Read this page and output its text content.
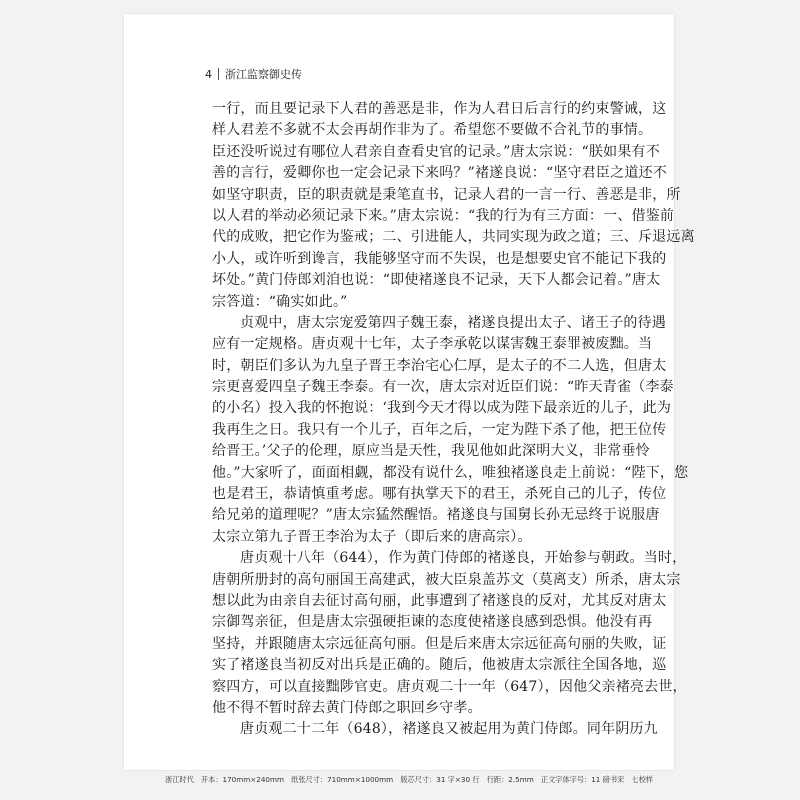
4 浙江监察御史传
一行，而且要记录下人君的善恶是非，作为人君日后言行的约束警诫，这
样人君差不多就不太会再胡作非为了。希望您不要做不合礼节的事情。
臣还没听说过有哪位人君亲自查看史官的记录。”唐太宗说：“朕如果有不
善的言行，爱卿你也一定会记录下来吗？”褚遂良说：“坚守君臣之道还不
如坚守职责，臣的职责就是秉笔直书，记录人君的一言一行、善恶是非，所
以人君的举动必须记录下来。”唐太宗说：“我的行为有三方面：一、借鉴前
代的成败，把它作为鉴戒；二、引进能人，共同实现为政之道；三、斥退远离
小人，或许听到谗言，我能够坚守而不失误，也是想要史官不能记下我的
坏处。”黄门侍郎刘洎也说：“即使褚遂良不记录，天下人都会记着。”唐太
宗答道：“确实如此。”
贞观中，唐太宗宠爱第四子魏王泰，褚遂良提出太子、诸王子的待遇
应有一定规格。唐贞观十七年，太子李承乾以谋害魏王泰罪被废黜。当
时，朝臣们多认为九皇子晋王李治宅心仁厚，是太子的不二人选，但唐太
宗更喜爱四皇子魏王李泰。有一次，唐太宗对近臣们说：“昨天青雀（李泰
的小名）投入我的怀抱说：‘我到今天才得以成为陛下最亲近的儿子，此为
我再生之日。我只有一个儿子，百年之后，一定为陛下杀了他，把王位传
给晋王。’父子的伦理，原应当是天性，我见他如此深明大义，非常垂怜
他。”大家听了，面面相觑，都没有说什么，唯独褚遂良走上前说：“陛下，您
也是君王，恭请慎重考虑。哪有执掌天下的君王，杀死自己的儿子，传位
给兄弟的道理呢？”唐太宗猛然醒悟。褚遂良与国舅长孙无忌终于说服唐
太宗立第九子晋王李治为太子（即后来的唐高宗）。
唐贞观十八年（644），作为黄门侍郎的褚遂良，开始参与朝政。当时，
唐朝所册封的高句丽国王高建武，被大臣泉盖苏文（莫离支）所杀，唐太宗
想以此为由亲自去征讨高句丽，此事遭到了褚遂良的反对，尤其反对唐太
宗御驾亲征，但是唐太宗强硬拒谏的态度使褚遂良感到恐惧。他没有再
坚持，并跟随唐太宗远征高句丽。但是后来唐太宗远征高句丽的失败，证
实了褚遂良当初反对出兵是正确的。随后，他被唐太宗派往全国各地，巡
察四方，可以直接黜陟官吏。唐贞观二十一年（647），因他父亲褚亮去世，
他不得不暂时辞去黄门侍郎之职回乡守孝。
唐贞观二十二年（648），褚遂良又被起用为黄门侍郎。同年阴历九
浙江时代　开本：170mm×240mm　纸张尺寸：710mm×1000mm　版芯尺寸：31 字×30 行　行距：2.5mm　正文字体字号：11 磅书宋　七校样
